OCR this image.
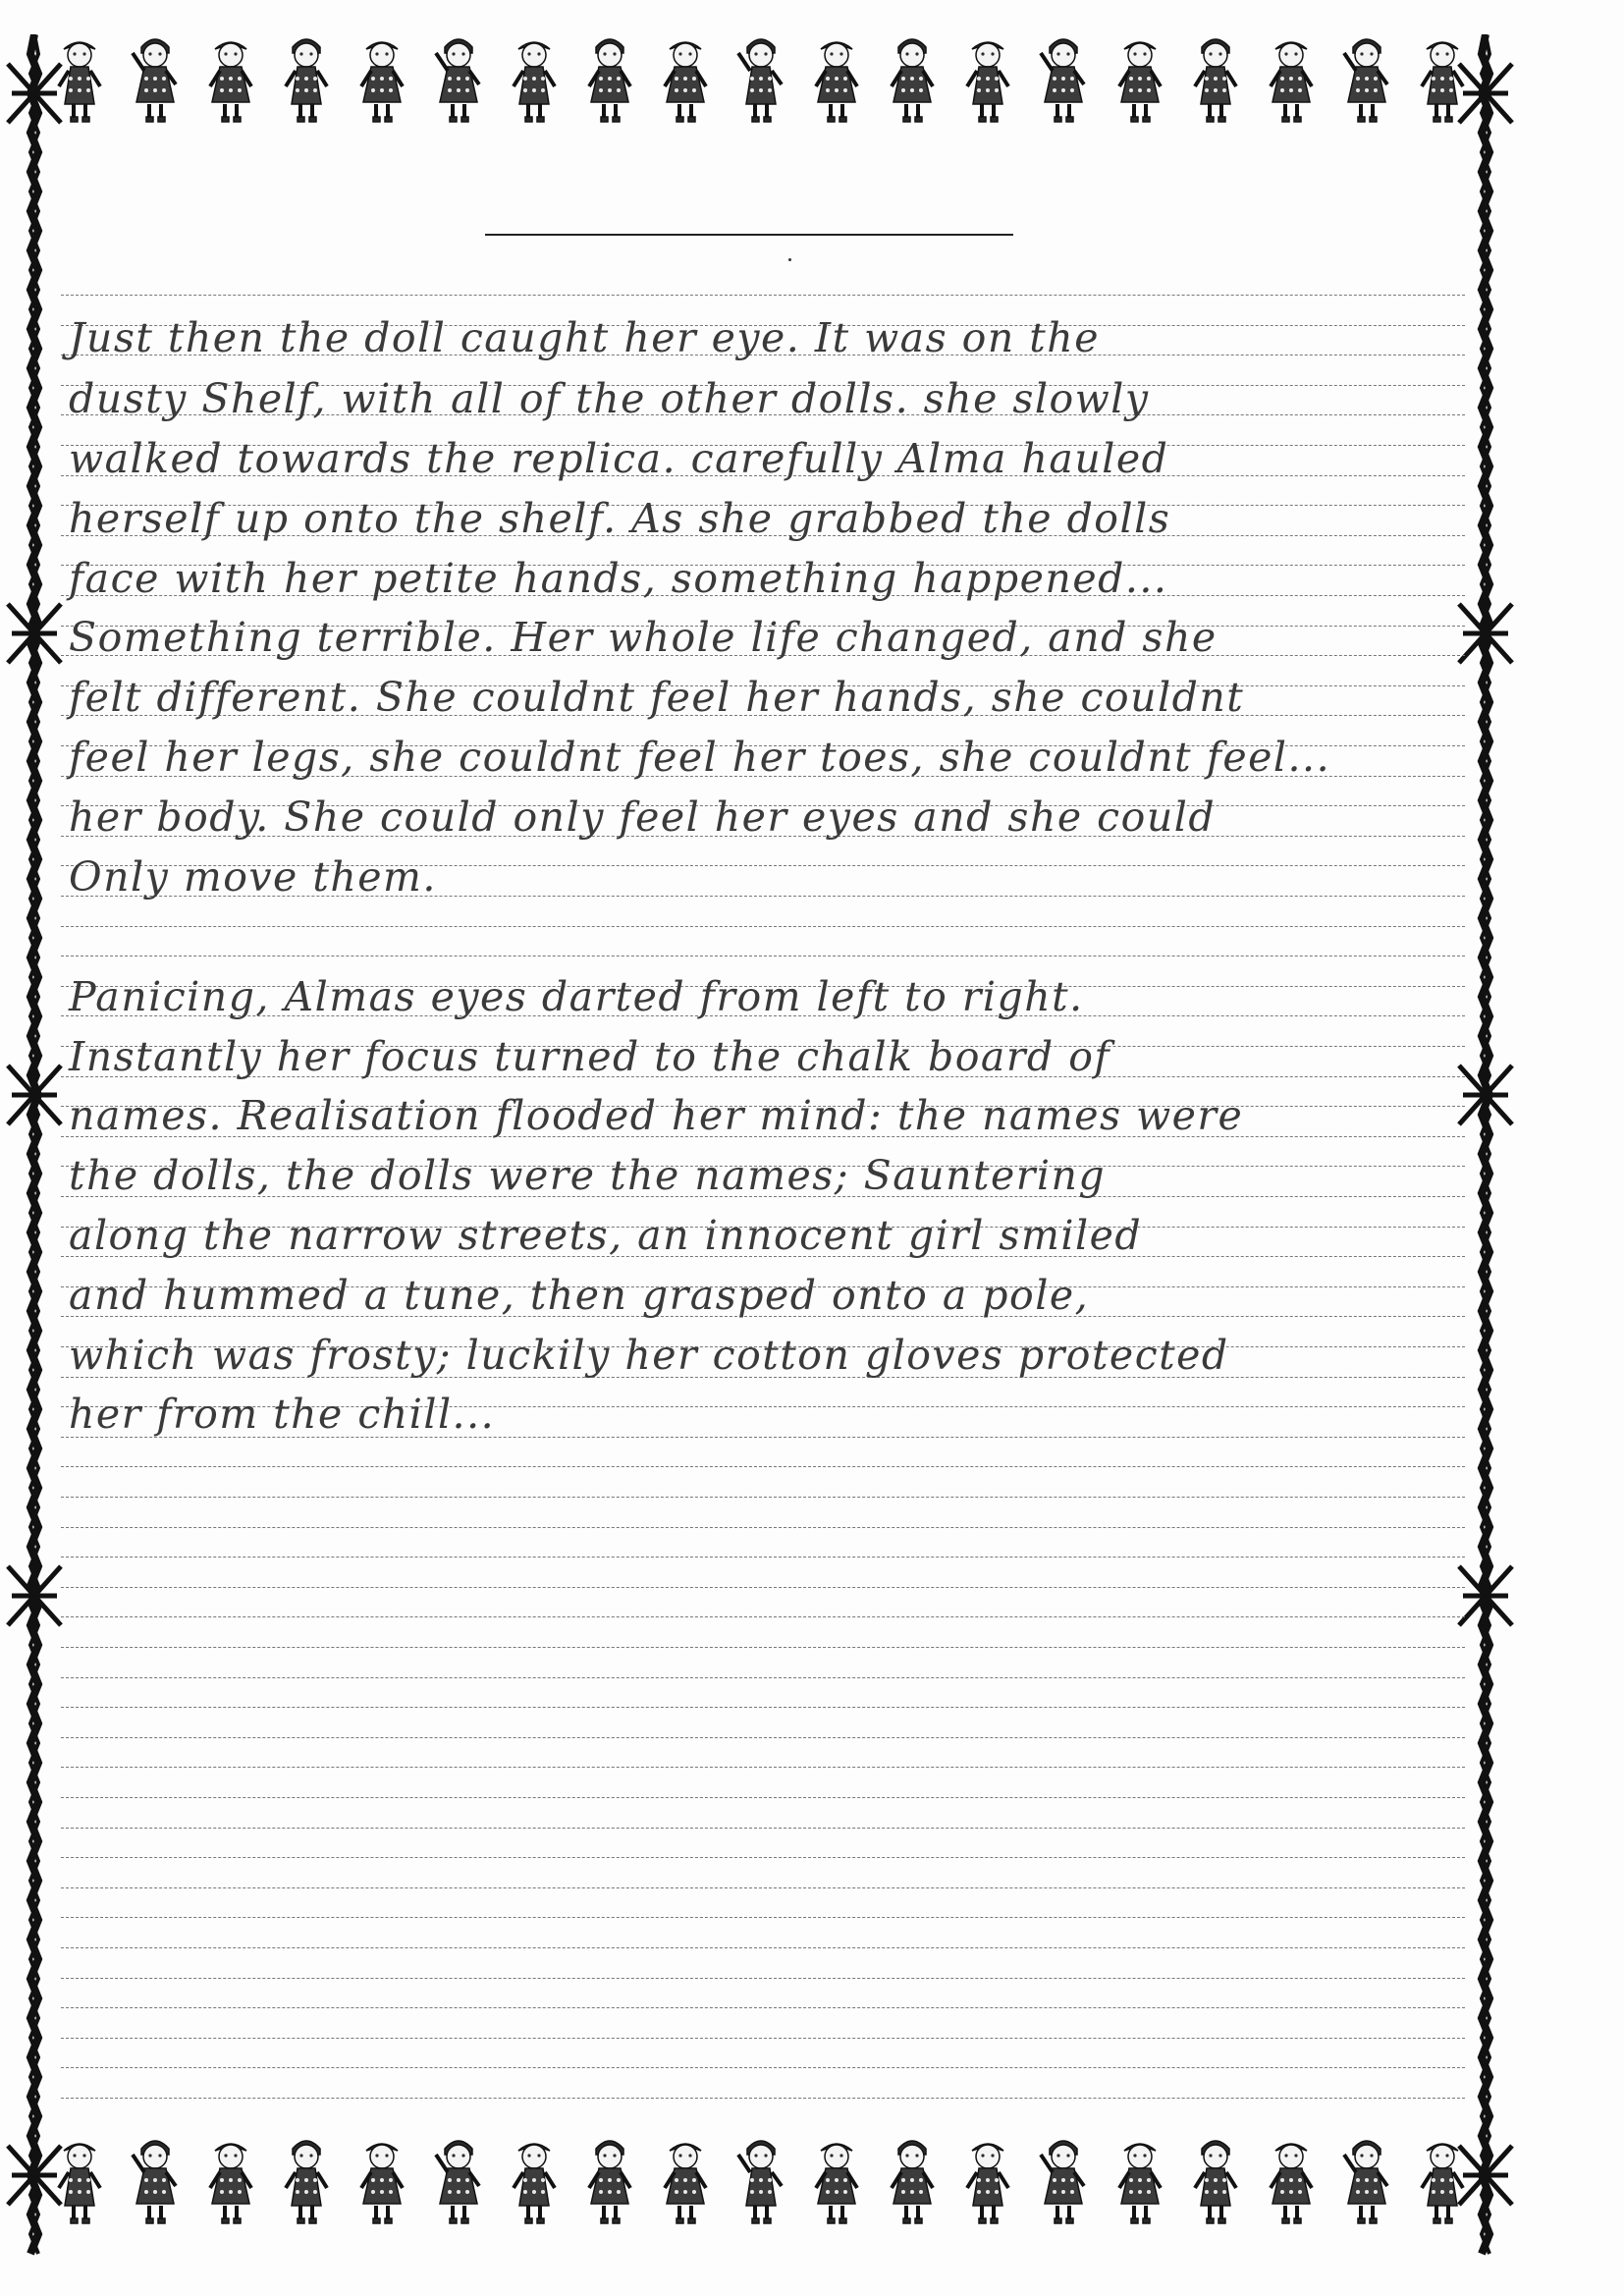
Just then the doll caught her eye. It was on the
dusty Shelf, with all of the other dolls. she slowly
walked towards the replica. carefully Alma hauled
herself up onto the shelf. As she grabbed the dolls
face with her petite hands, something happened...
Something terrible. Her whole life changed, and she
felt different. She couldnt feel her hands, she couldnt
feel her legs, she couldnt feel her toes, she couldnt feel...
her body. She could only feel her eyes and she could
Only move them.
Panicing, Almas eyes darted from left to right.
Instantly her focus turned to the chalk board of
names. Realisation flooded her mind: the names were
the dolls, the dolls were the names; Sauntering
along the narrow streets, an innocent girl smiled
and hummed a tune, then grasped onto a pole,
which was frosty; luckily her cotton gloves protected
her from the chill...
